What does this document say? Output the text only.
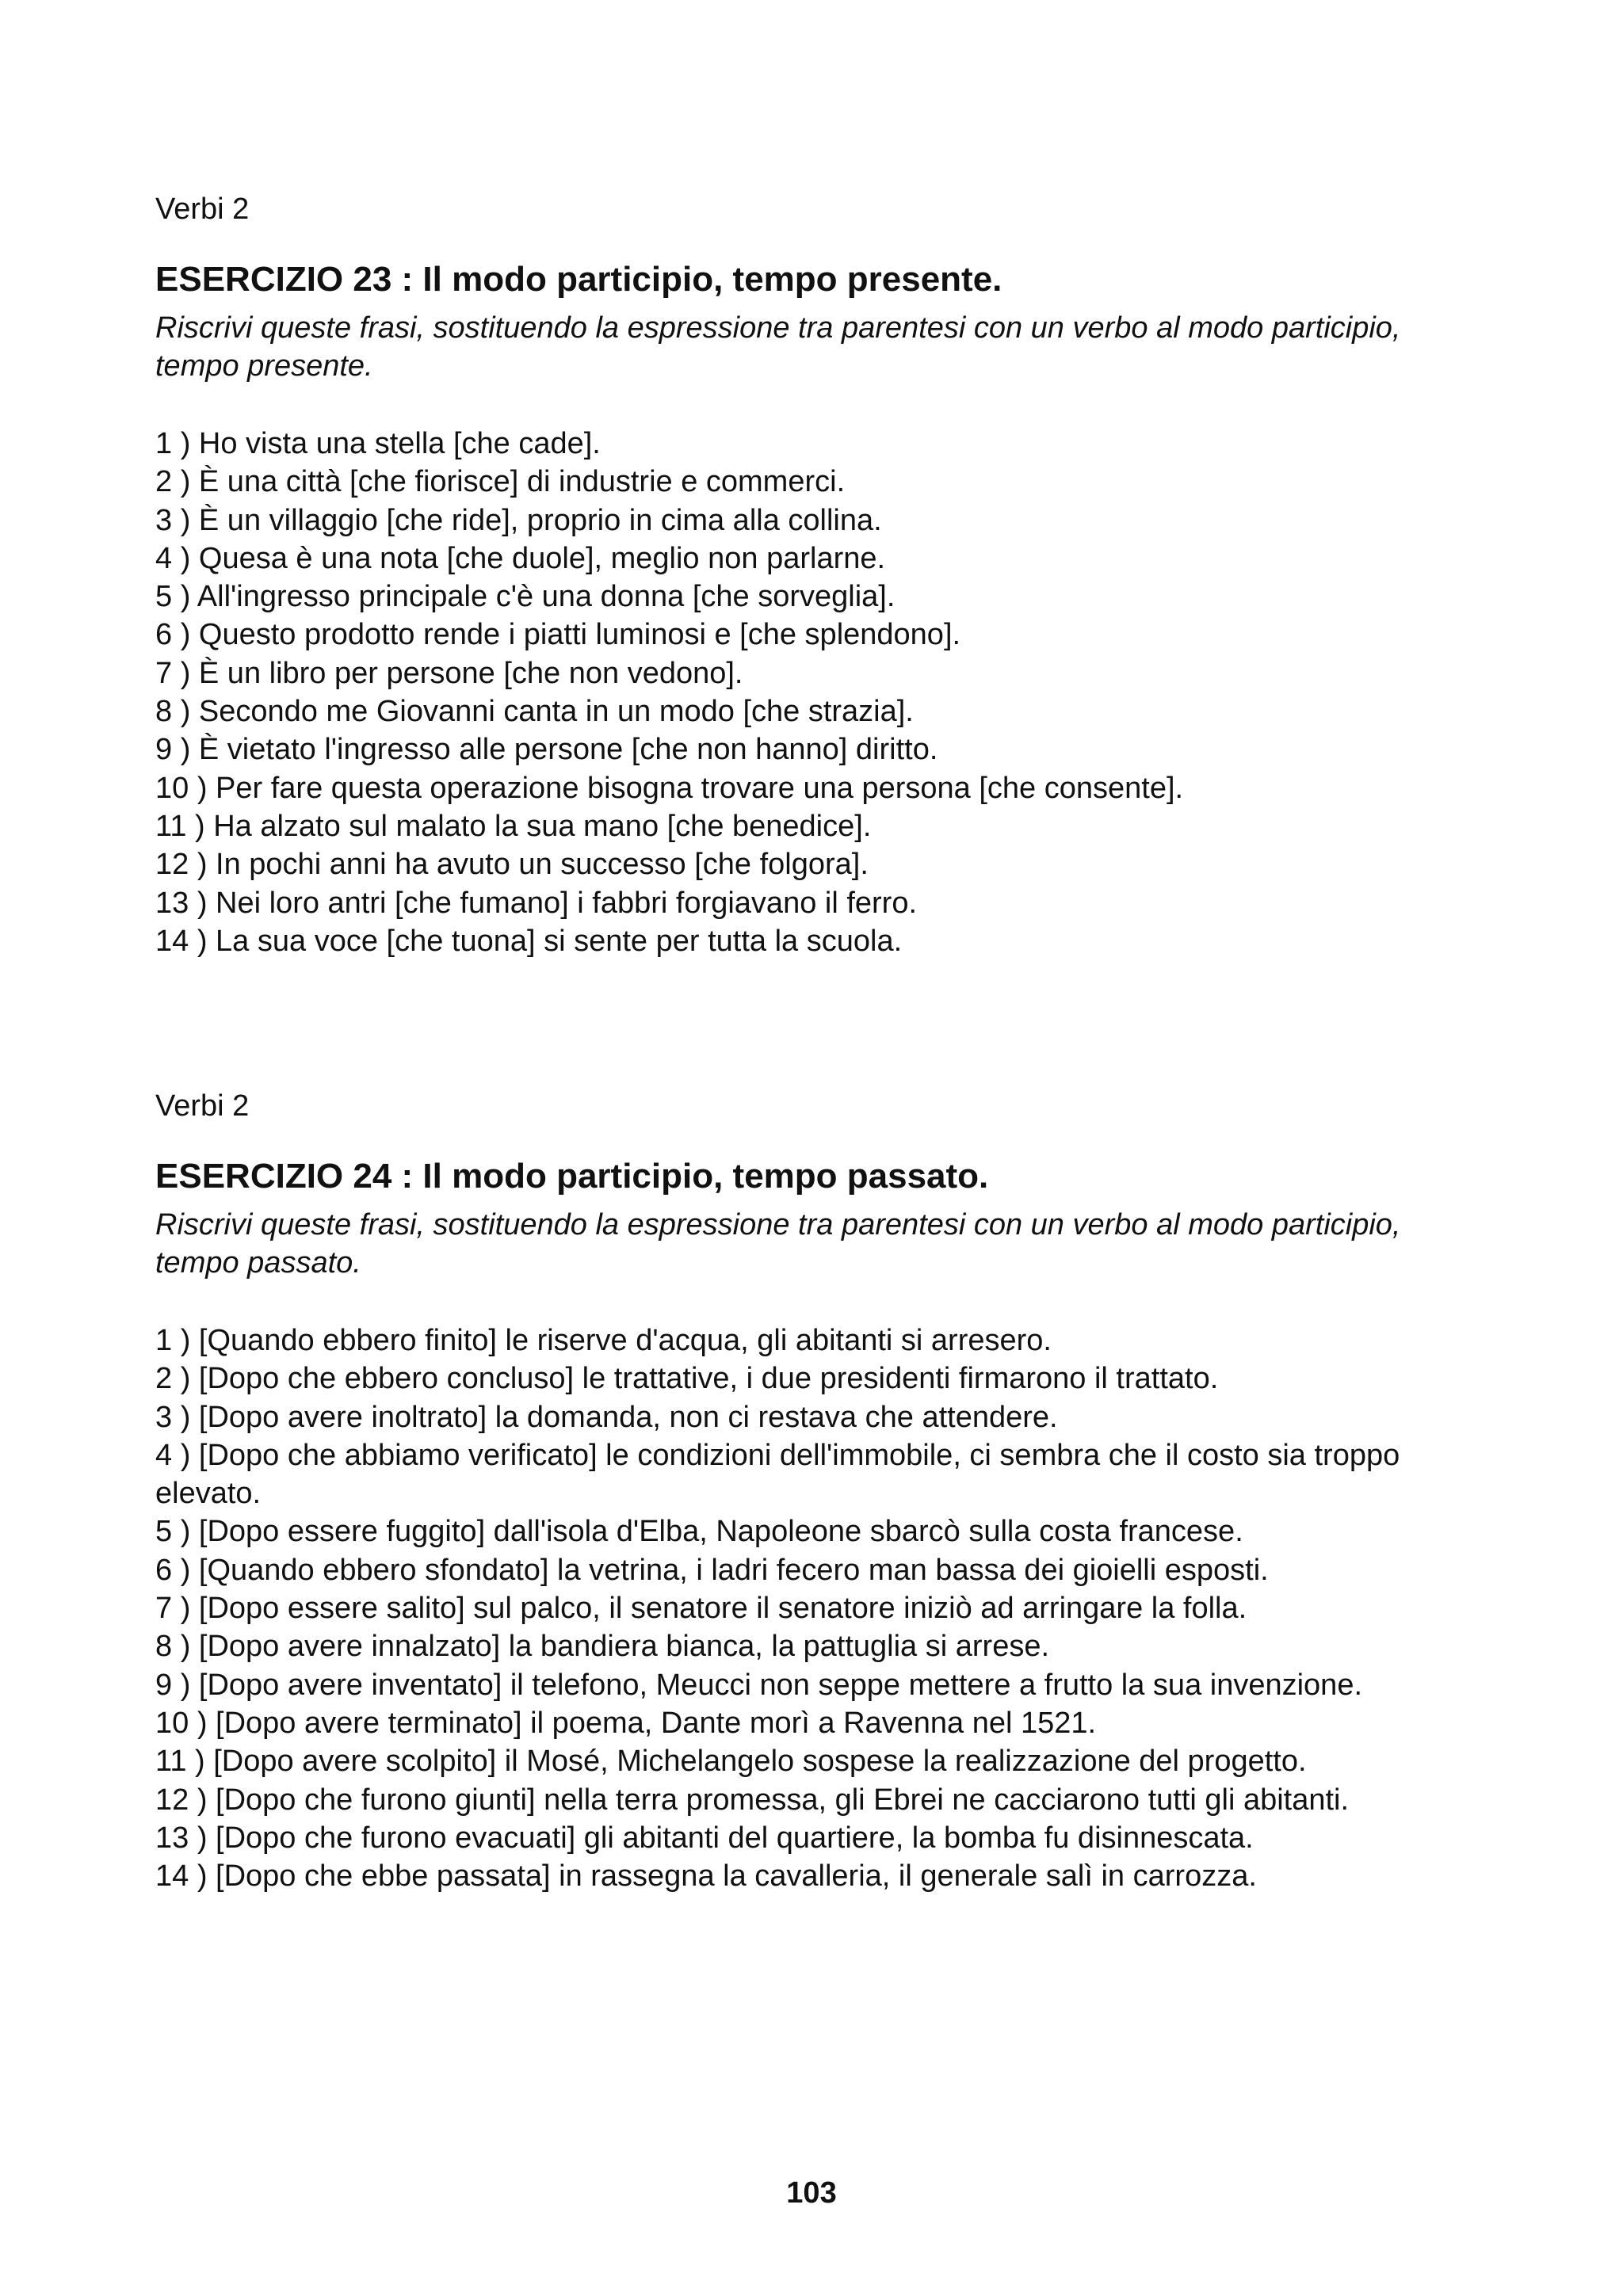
Verbi 2

ESERCIZIO 23 : Il modo participio, tempo presente.

Riscrivi queste frasi, sostituendo la espressione tra parentesi con un verbo al modo participio, tempo presente.

1 ) Ho vista una stella [che cade].
2 ) È una città [che fiorisce] di industrie e commerci.
3 ) È un villaggio [che ride], proprio in cima alla collina.
4 ) Quesa è una nota [che duole], meglio non parlarne.
5 ) All'ingresso principale c'è una donna [che sorveglia].
6 ) Questo prodotto rende i piatti luminosi e [che splendono].
7 ) È un libro per persone [che non vedono].
8 ) Secondo me Giovanni canta in un modo [che strazia].
9 ) È vietato l'ingresso alle persone [che non hanno] diritto.
10 ) Per fare questa operazione bisogna trovare una persona [che consente].
11 ) Ha alzato sul malato la sua mano [che benedice].
12 ) In pochi anni ha avuto un successo [che folgora].
13 ) Nei loro antri [che fumano] i fabbri forgiavano il ferro.
14 ) La sua voce [che tuona] si sente per tutta la scuola.

Verbi 2

ESERCIZIO 24 : Il modo participio, tempo passato.

Riscrivi queste frasi, sostituendo la espressione tra parentesi con un verbo al modo participio, tempo passato.

1 ) [Quando ebbero finito] le riserve d'acqua, gli abitanti si arresero.
2 ) [Dopo che ebbero concluso] le trattative, i due presidenti firmarono il trattato.
3 ) [Dopo avere inoltrato] la domanda, non ci restava che attendere.
4 ) [Dopo che abbiamo verificato] le condizioni dell'immobile, ci sembra che il costo sia troppo elevato.
5 ) [Dopo essere fuggito] dall'isola d'Elba, Napoleone sbarcò sulla costa francese.
6 ) [Quando ebbero sfondato] la vetrina, i ladri fecero man bassa dei gioielli esposti.
7 ) [Dopo essere salito] sul palco, il senatore il senatore iniziò ad arringare la folla.
8 ) [Dopo avere innalzato] la bandiera bianca, la pattuglia si arrese.
9 ) [Dopo avere inventato] il telefono, Meucci non seppe mettere a frutto la sua invenzione.
10 ) [Dopo avere terminato] il poema, Dante morì a Ravenna nel 1521.
11 ) [Dopo avere scolpito] il Mosé, Michelangelo sospese la realizzazione del progetto.
12 ) [Dopo che furono giunti] nella terra promessa, gli Ebrei ne cacciarono tutti gli abitanti.
13 ) [Dopo che furono evacuati] gli abitanti del quartiere, la bomba fu disinnescata.
14 ) [Dopo che ebbe passata] in rassegna la cavalleria, il generale salì in carrozza.
103
